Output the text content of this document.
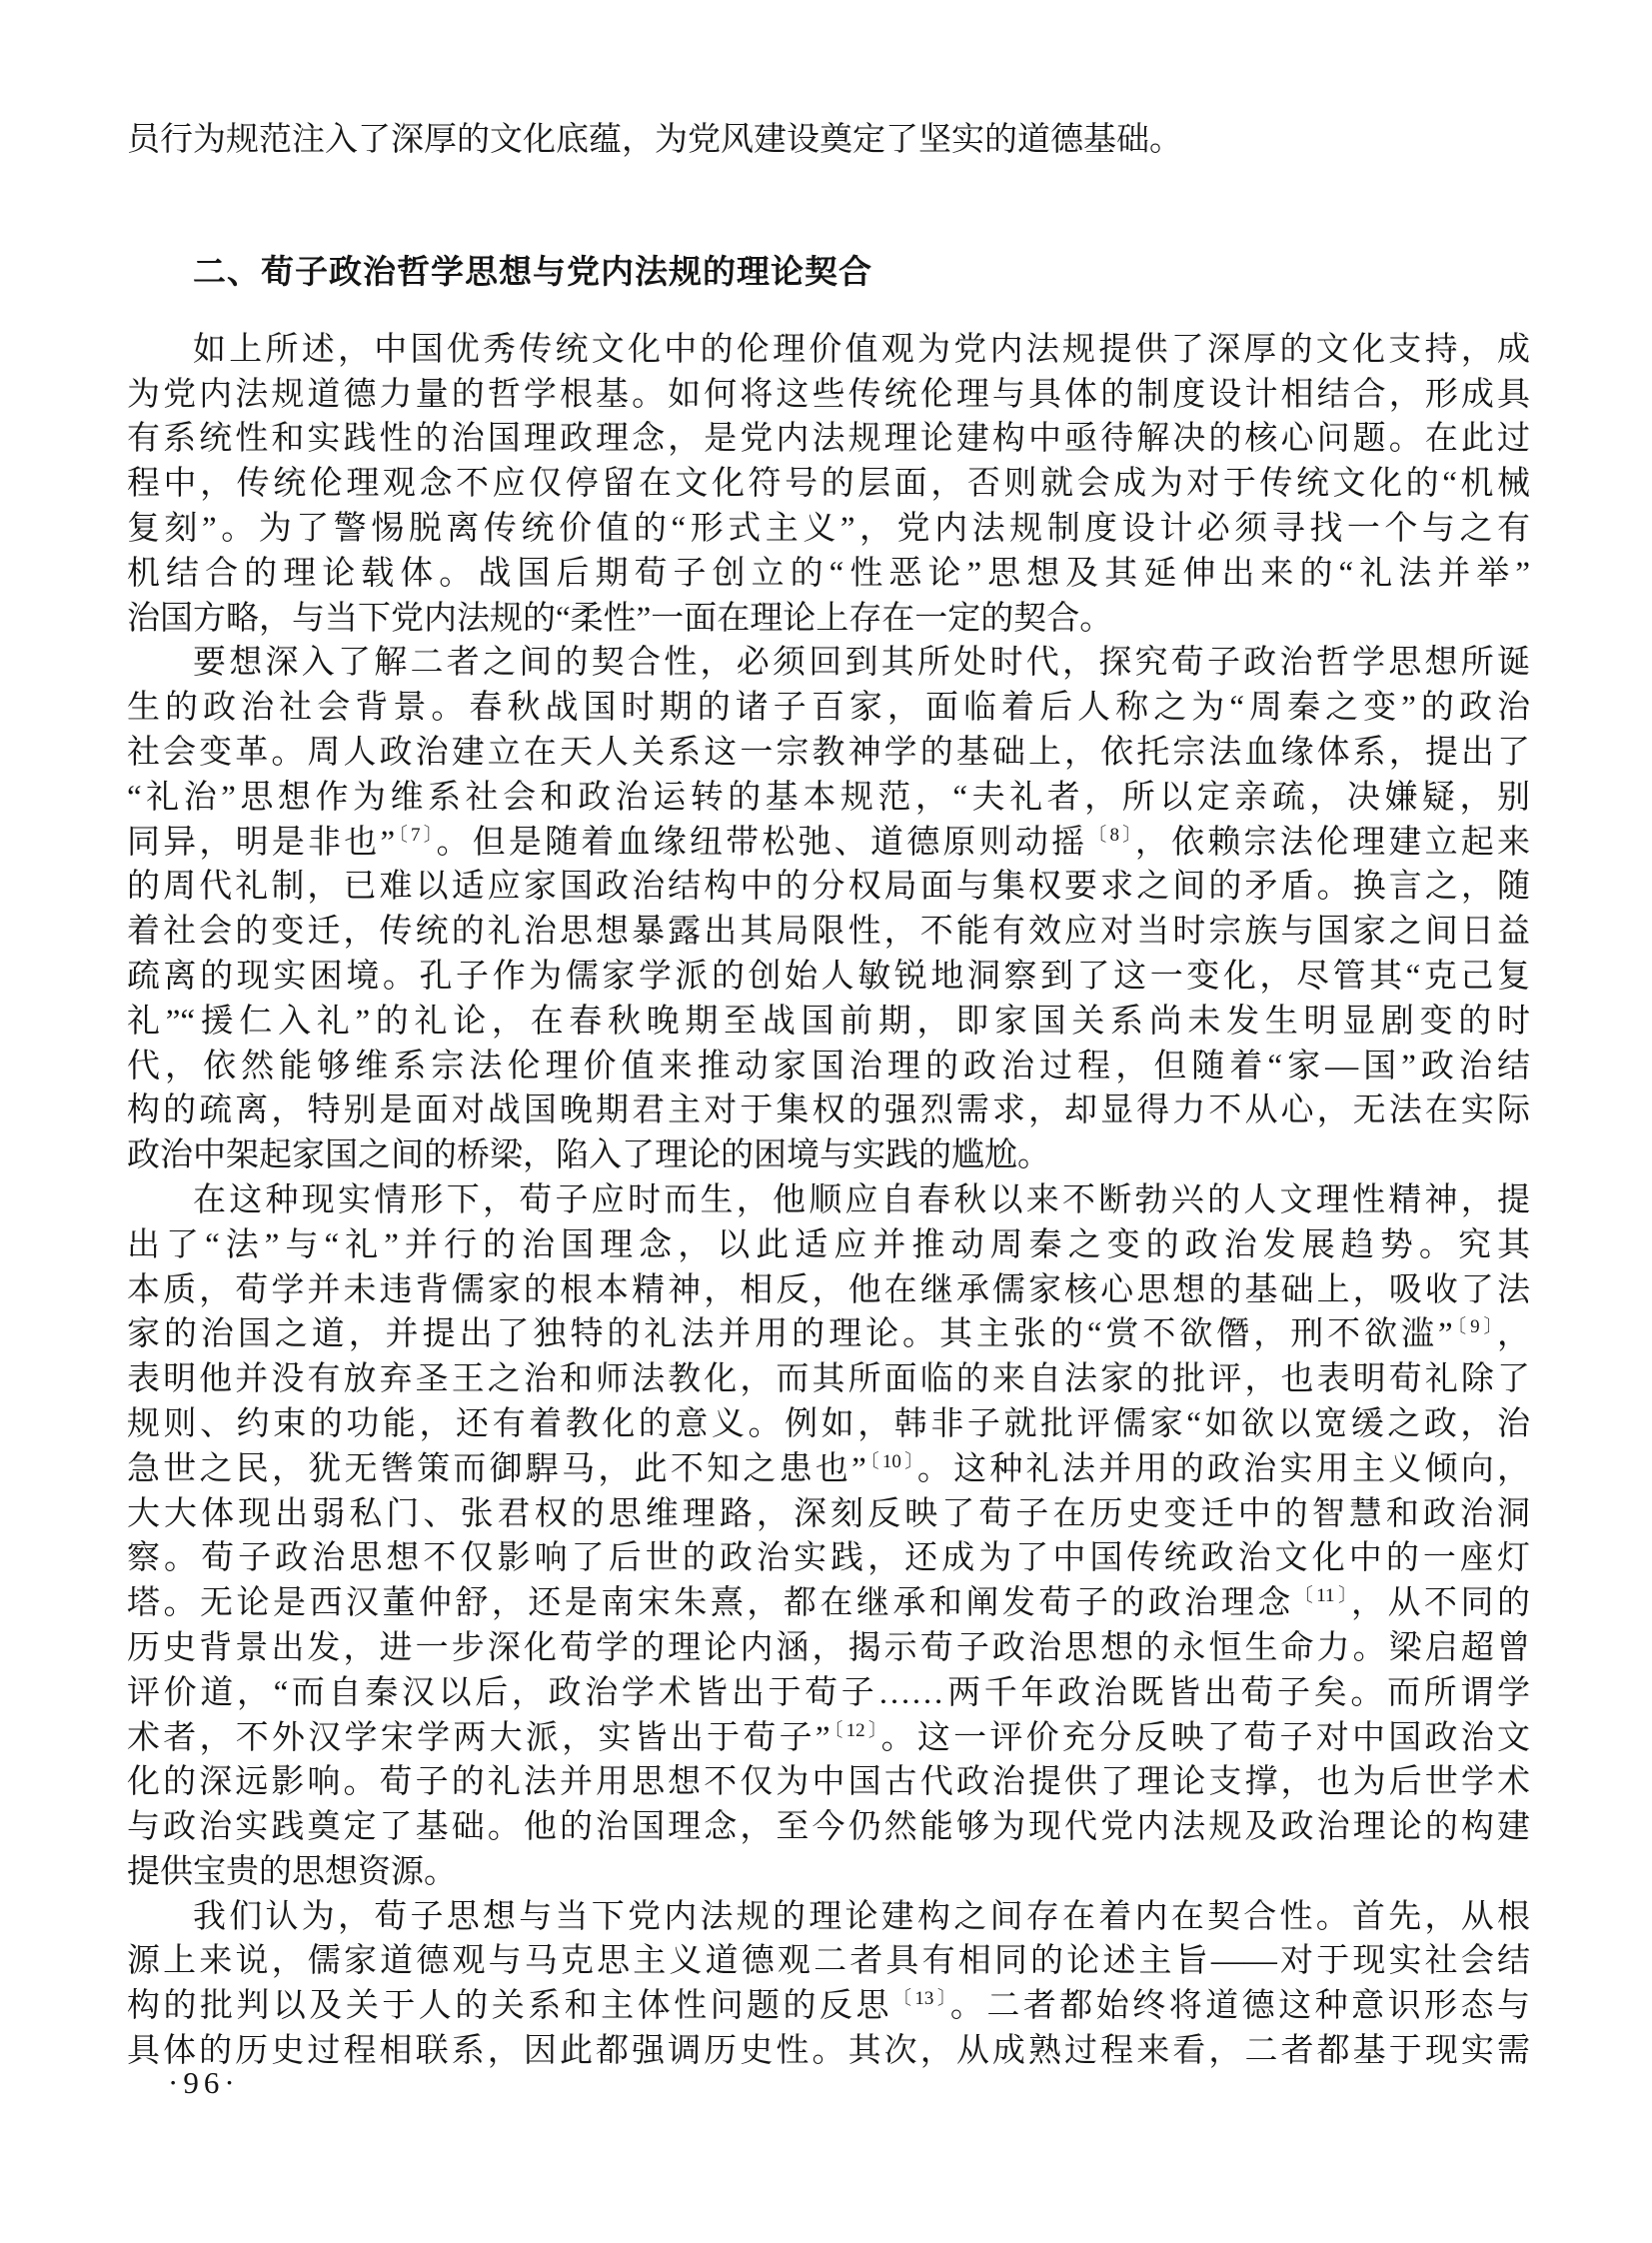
员行为规范注入了深厚的文化底蕴，为党风建设奠定了坚实的道德基础。
二、荀子政治哲学思想与党内法规的理论契合
如上所述，中国优秀传统文化中的伦理价值观为党内法规提供了深厚的文化支持，成
为党内法规道德力量的哲学根基。如何将这些传统伦理与具体的制度设计相结合，形成具
有系统性和实践性的治国理政理念，是党内法规理论建构中亟待解决的核心问题。在此过
程中，传统伦理观念不应仅停留在文化符号的层面，否则就会成为对于传统文化的“机械
复刻”。为了警惕脱离传统价值的“形式主义”，党内法规制度设计必须寻找一个与之有
机结合的理论载体。战国后期荀子创立的“性恶论”思想及其延伸出来的“礼法并举”
治国方略，与当下党内法规的“柔性”一面在理论上存在一定的契合。
要想深入了解二者之间的契合性，必须回到其所处时代，探究荀子政治哲学思想所诞
生的政治社会背景。春秋战国时期的诸子百家，面临着后人称之为“周秦之变”的政治
社会变革。周人政治建立在天人关系这一宗教神学的基础上，依托宗法血缘体系，提出了
“礼治”思想作为维系社会和政治运转的基本规范，“夫礼者，所以定亲疏，决嫌疑，别
同异，明是非也”$^{〔7〕}$。但是随着血缘纽带松弛、道德原则动摇$^{〔8〕}$，依赖宗法伦理建立起来
的周代礼制，已难以适应家国政治结构中的分权局面与集权要求之间的矛盾。换言之，随
着社会的变迁，传统的礼治思想暴露出其局限性，不能有效应对当时宗族与国家之间日益
疏离的现实困境。孔子作为儒家学派的创始人敏锐地洞察到了这一变化，尽管其“克己复
礼”“援仁入礼”的礼论，在春秋晚期至战国前期，即家国关系尚未发生明显剧变的时
代，依然能够维系宗法伦理价值来推动家国治理的政治过程，但随着“家—国”政治结
构的疏离，特别是面对战国晚期君主对于集权的强烈需求，却显得力不从心，无法在实际
政治中架起家国之间的桥梁，陷入了理论的困境与实践的尴尬。
在这种现实情形下，荀子应时而生，他顺应自春秋以来不断勃兴的人文理性精神，提
出了“法”与“礼”并行的治国理念，以此适应并推动周秦之变的政治发展趋势。究其
本质，荀学并未违背儒家的根本精神，相反，他在继承儒家核心思想的基础上，吸收了法
家的治国之道，并提出了独特的礼法并用的理论。其主张的“赏不欲僭，刑不欲滥”$^{〔9〕}$，
表明他并没有放弃圣王之治和师法教化，而其所面临的来自法家的批评，也表明荀礼除了
规则、约束的功能，还有着教化的意义。例如，韩非子就批评儒家“如欲以宽缓之政，治
急世之民，犹无辔策而御駻马，此不知之患也”$^{〔10〕}$。这种礼法并用的政治实用主义倾向，
大大体现出弱私门、张君权的思维理路，深刻反映了荀子在历史变迁中的智慧和政治洞
察。荀子政治思想不仅影响了后世的政治实践，还成为了中国传统政治文化中的一座灯
塔。无论是西汉董仲舒，还是南宋朱熹，都在继承和阐发荀子的政治理念$^{〔11〕}$，从不同的
历史背景出发，进一步深化荀学的理论内涵，揭示荀子政治思想的永恒生命力。梁启超曾
评价道，“而自秦汉以后，政治学术皆出于荀子……两千年政治既皆出荀子矣。而所谓学
术者，不外汉学宋学两大派，实皆出于荀子”$^{〔12〕}$。这一评价充分反映了荀子对中国政治文
化的深远影响。荀子的礼法并用思想不仅为中国古代政治提供了理论支撑，也为后世学术
与政治实践奠定了基础。他的治国理念，至今仍然能够为现代党内法规及政治理论的构建
提供宝贵的思想资源。
我们认为，荀子思想与当下党内法规的理论建构之间存在着内在契合性。首先，从根
源上来说，儒家道德观与马克思主义道德观二者具有相同的论述主旨——对于现实社会结
构的批判以及关于人的关系和主体性问题的反思$^{〔13〕}$。二者都始终将道德这种意识形态与
具体的历史过程相联系，因此都强调历史性。其次，从成熟过程来看，二者都基于现实需
·96·
